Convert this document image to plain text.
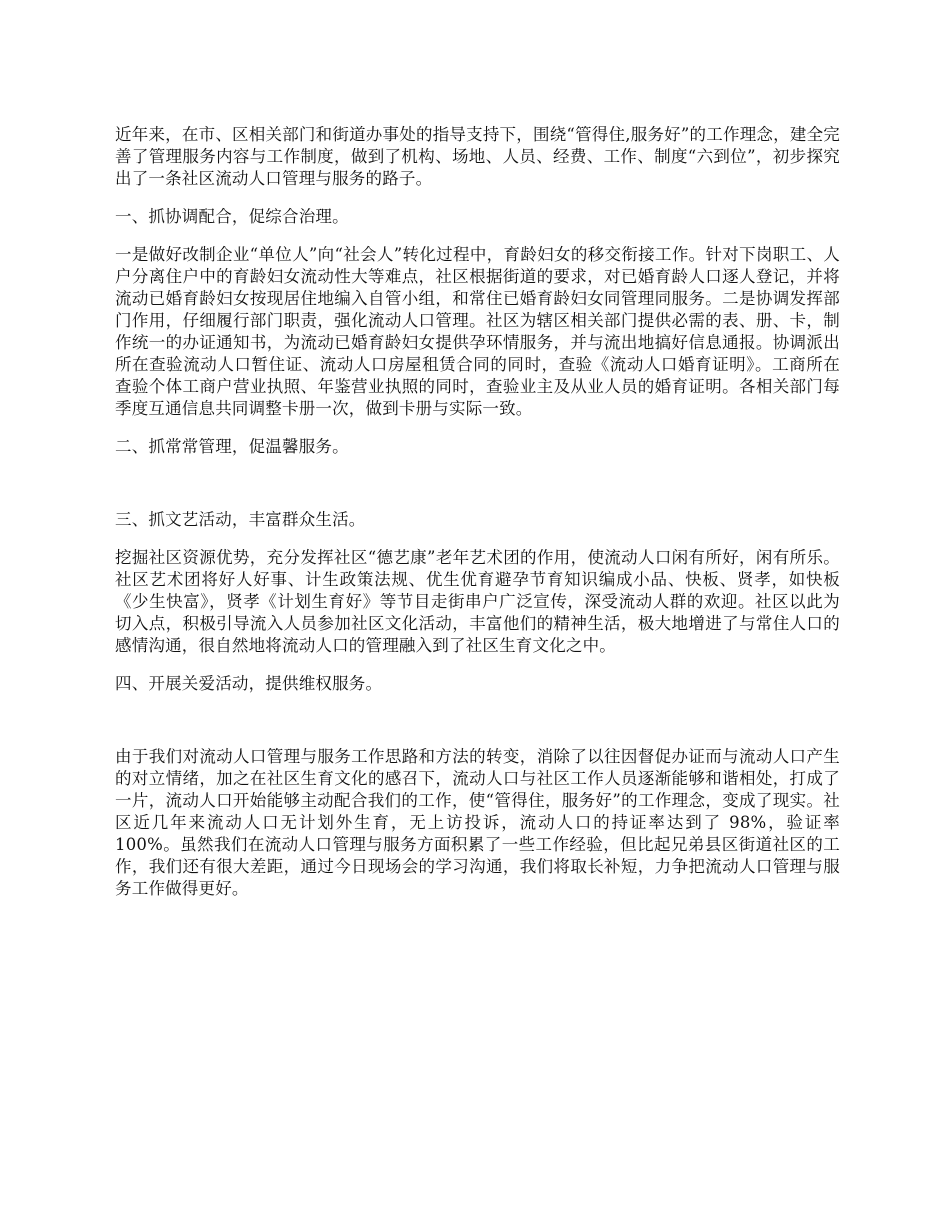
近年来，在市、区相关部门和街道办事处的指导支持下，围绕“管得住,服务好”的工作理念，建全完善了管理服务内容与工作制度，做到了机构、场地、人员、经费、工作、制度“六到位”，初步探究出了一条社区流动人口管理与服务的路子。

一、抓协调配合，促综合治理。

一是做好改制企业“单位人”向“社会人”转化过程中，育龄妇女的移交衔接工作。针对下岗职工、人户分离住户中的育龄妇女流动性大等难点，社区根据街道的要求，对已婚育龄人口逐人登记，并将流动已婚育龄妇女按现居住地编入自管小组，和常住已婚育龄妇女同管理同服务。二是协调发挥部门作用，仔细履行部门职责，强化流动人口管理。社区为辖区相关部门提供必需的表、册、卡，制作统一的办证通知书，为流动已婚育龄妇女提供孕环情服务，并与流出地搞好信息通报。协调派出所在查验流动人口暂住证、流动人口房屋租赁合同的同时，查验《流动人口婚育证明》。工商所在查验个体工商户营业执照、年鉴营业执照的同时，查验业主及从业人员的婚育证明。各相关部门每季度互通信息共同调整卡册一次，做到卡册与实际一致。

二、抓常常管理，促温馨服务。

三、抓文艺活动，丰富群众生活。

挖掘社区资源优势，充分发挥社区“德艺康”老年艺术团的作用，使流动人口闲有所好，闲有所乐。社区艺术团将好人好事、计生政策法规、优生优育避孕节育知识编成小品、快板、贤孝，如快板《少生快富》，贤孝《计划生育好》等节目走街串户广泛宣传，深受流动人群的欢迎。社区以此为切入点，积极引导流入人员参加社区文化活动，丰富他们的精神生活，极大地增进了与常住人口的感情沟通，很自然地将流动人口的管理融入到了社区生育文化之中。

四、开展关爱活动，提供维权服务。

由于我们对流动人口管理与服务工作思路和方法的转变，消除了以往因督促办证而与流动人口产生的对立情绪，加之在社区生育文化的感召下，流动人口与社区工作人员逐渐能够和谐相处，打成了一片，流动人口开始能够主动配合我们的工作，使“管得住，服务好”的工作理念，变成了现实。社区近几年来流动人口无计划外生育，无上访投诉，流动人口的持证率达到了 98%，验证率 100%。虽然我们在流动人口管理与服务方面积累了一些工作经验，但比起兄弟县区街道社区的工作，我们还有很大差距，通过今日现场会的学习沟通，我们将取长补短，力争把流动人口管理与服务工作做得更好。
